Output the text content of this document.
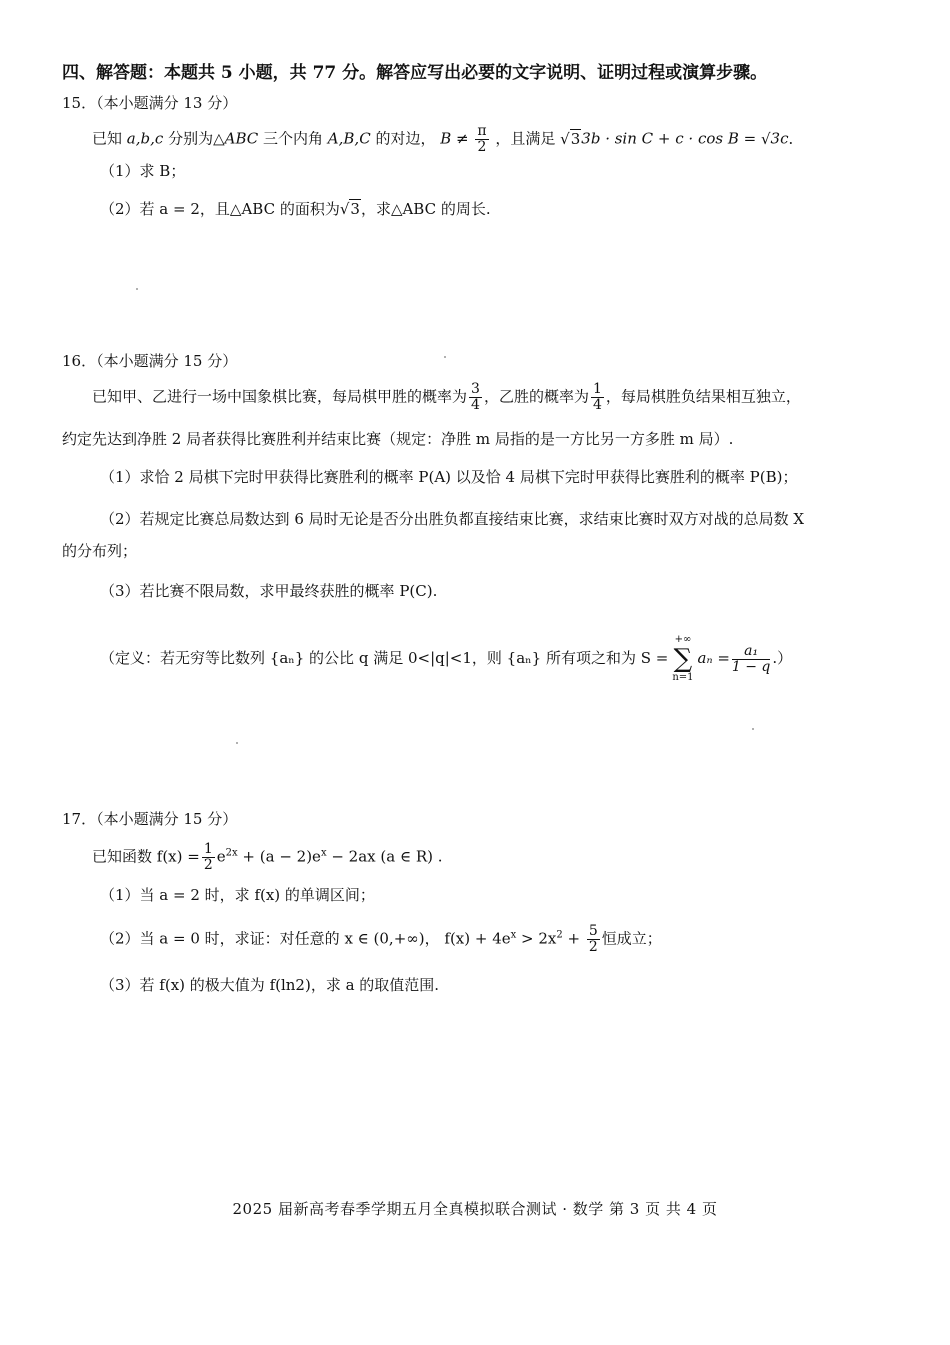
四、解答题：本题共 5 小题，共 77 分。解答应写出必要的文字说明、证明过程或演算步骤。
15．（本小题满分 13 分）
已知 a,b,c 分别为△ABC 三个内角 A,B,C 的对边， $B \ne \frac{\pi}{2}$ ，且满足 √33b · sin C + c · cos B = √3c．
（1）求 B；
（2）若 a = 2，且△ABC 的面积为√3，求△ABC 的周长.
16．（本小题满分 15 分）
已知甲、乙进行一场中国象棋比赛，每局棋甲胜的概率为 $\frac{3}{4}$ ，乙胜的概率为 $\frac{1}{4}$ ，每局棋胜负结果相互独立，
约定先达到净胜 2 局者获得比赛胜利并结束比赛（规定：净胜 m 局指的是一方比另一方多胜 m 局）.
（1）求恰 2 局棋下完时甲获得比赛胜利的概率 P(A) 以及恰 4 局棋下完时甲获得比赛胜利的概率 P(B)；
（2）若规定比赛总局数达到 6 局时无论是否分出胜负都直接结束比赛，求结束比赛时双方对战的总局数 X
的分布列；
（3）若比赛不限局数，求甲最终获胜的概率 P(C).
（定义：若无穷等比数列 {aₙ} 的公比 q 满足 0<|q|<1，则 {aₙ} 所有项之和为 S =
+∞
∑
n=1
$a_n = \frac{\text{a₁}}{1 - q}$ .）
17．（本小题满分 15 分）
已知函数 $f(x) = \frac{1}{2} e^{2x} + (a - 2)e^x - 2ax$ (a ∈ R) .
（1）当 a = 2 时，求 f(x) 的单调区间；
（2）当 a = 0 时，求证：对任意的 x ∈ (0,+∞)， $f(x) + 4e^x > 2x^2 + \frac{5}{2}$ 恒成立；
（3）若 f(x) 的极大值为 f(ln2)，求 a 的取值范围.
2025 届新高考春季学期五月全真模拟联合测试 · 数学 第 3 页 共 4 页
